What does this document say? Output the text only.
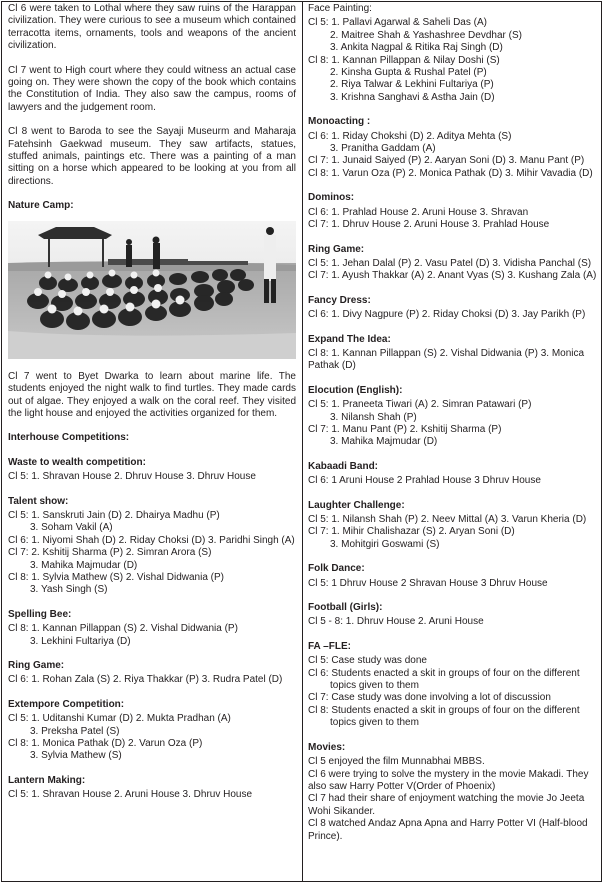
Cl 6 were taken to Lothal where they saw ruins of the Harappan civilization. They were curious to see a museum which contained terracotta items, ornaments, tools and weapons of the ancient civilization.

Cl 7 went to High court where they could witness an actual case going on. They were shown the copy of the book which contains the Constitution of India. They also saw the campus, rooms of lawyers and the judgement room.

Cl 8 went to Baroda to see the Sayaji Museurm and Maharaja Fatehsinh Gaekwad museum. They saw artifacts, statues, stuffed animals, paintings etc. There was a painting of a man sitting on a horse which appeared to be looking at you from all directions.

Nature Camp:

Cl 7 went to Byet Dwarka to learn about marine life. The students enjoyed the night walk to find turtles. They made cards out of algae. They enjoyed a walk on the coral reef. They visited the light house and enjoyed the activities organized for them.

Interhouse Competitions:

Waste to wealth competition:

Cl 5: 1. Shravan House 2. Dhruv House 3. Dhruv House

Talent show:

Cl 5: 1. Sanskruti Jain (D) 2. Dhairya Madhu (P)

3. Soham Vakil (A)

Cl 6: 1. Niyomi Shah (D) 2. Riday Choksi (D) 3. Paridhi Singh (A)

Cl 7: 2. Kshitij Sharma (P) 2. Simran Arora (S)

3. Mahika Majmudar (D)

Cl 8: 1. Sylvia Mathew (S) 2. Vishal Didwania (P)

3. Yash Singh (S)

Spelling Bee:

Cl 8: 1. Kannan Pillappan (S) 2. Vishal Didwania (P)

3. Lekhini Fultariya (D)

Ring Game:

Cl 6: 1. Rohan Zala (S) 2. Riya Thakkar (P) 3. Rudra Patel (D)

Extempore Competition:

Cl 5: 1. Uditanshi Kumar (D) 2. Mukta Pradhan (A)

3. Preksha Patel (S)

Cl 8: 1. Monica Pathak (D) 2. Varun Oza (P)

3. Sylvia Mathew (S)

Lantern Making:

Cl 5: 1. Shravan House 2. Aruni House 3. Dhruv House

Face Painting:

Cl 5: 1. Pallavi Agarwal & Saheli Das (A)

2. Maitree Shah & Yashashree Devdhar (S)

3. Ankita Nagpal & Ritika Raj Singh (D)

Cl 8: 1. Kannan Pillappan & Nilay Doshi (S)

2. Kinsha Gupta & Rushal Patel (P)

2. Riya Talwar & Lekhini Fultariya (P)

3. Krishna Sanghavi & Astha Jain (D)

Monoacting :

Cl 6: 1. Riday Chokshi (D) 2. Aditya Mehta (S)

3. Pranitha Gaddam (A)

Cl 7: 1. Junaid Saiyed (P) 2. Aaryan Soni (D) 3. Manu Pant (P)

Cl 8: 1. Varun Oza (P) 2. Monica Pathak (D) 3. Mihir Vavadia (D)

Dominos:

Cl 6: 1. Prahlad House 2. Aruni House 3. Shravan

Cl 7: 1. Dhruv House 2. Aruni House 3. Prahlad House

Ring Game:

Cl 5: 1. Jehan Dalal (P) 2. Vasu Patel (D) 3. Vidisha Panchal (S)

Cl 7: 1. Ayush Thakkar (A) 2. Anant Vyas (S) 3. Kushang Zala (A)

Fancy Dress:

Cl 6: 1. Divy Nagpure (P) 2. Riday Choksi (D) 3. Jay Parikh (P)

Expand The Idea:

Cl 8: 1. Kannan Pillappan (S) 2. Vishal Didwania (P) 3. Monica Pathak (D)

Elocution (English):

Cl 5: 1. Praneeta Tiwari (A) 2. Simran Patawari (P)

3. Nilansh Shah (P)

Cl 7: 1. Manu Pant (P) 2. Kshitij Sharma (P)

3. Mahika Majmudar (D)

Kabaadi Band:

Cl 6: 1 Aruni House 2 Prahlad House 3 Dhruv House

Laughter Challenge:

Cl 5: 1. Nilansh Shah (P) 2. Neev Mittal (A) 3. Varun Kheria (D)

Cl 7: 1. Mihir Chalishazar (S) 2. Aryan Soni (D)

3. Mohitgiri Goswami (S)

Folk Dance:

Cl 5: 1 Dhruv House 2 Shravan House 3 Dhruv House

Football (Girls):

Cl 5 - 8: 1. Dhruv House 2. Aruni House

FA –FLE:

Cl 5: Case study was done

Cl 6: Students enacted a skit in groups of four on the different topics given to them

Cl 7: Case study was done involving a lot of discussion

Cl 8: Students enacted a skit in groups of four on the different topics given to them

Movies:

Cl 5 enjoyed the film Munnabhai MBBS.

Cl 6 were trying to solve the mystery in the movie Makadi. They also saw Harry Potter V(Order of Phoenix)

Cl 7 had their share of enjoyment watching the movie Jo Jeeta Wohi Sikander.

Cl 8 watched Andaz Apna Apna and Harry Potter VI (Half-blood Prince).
